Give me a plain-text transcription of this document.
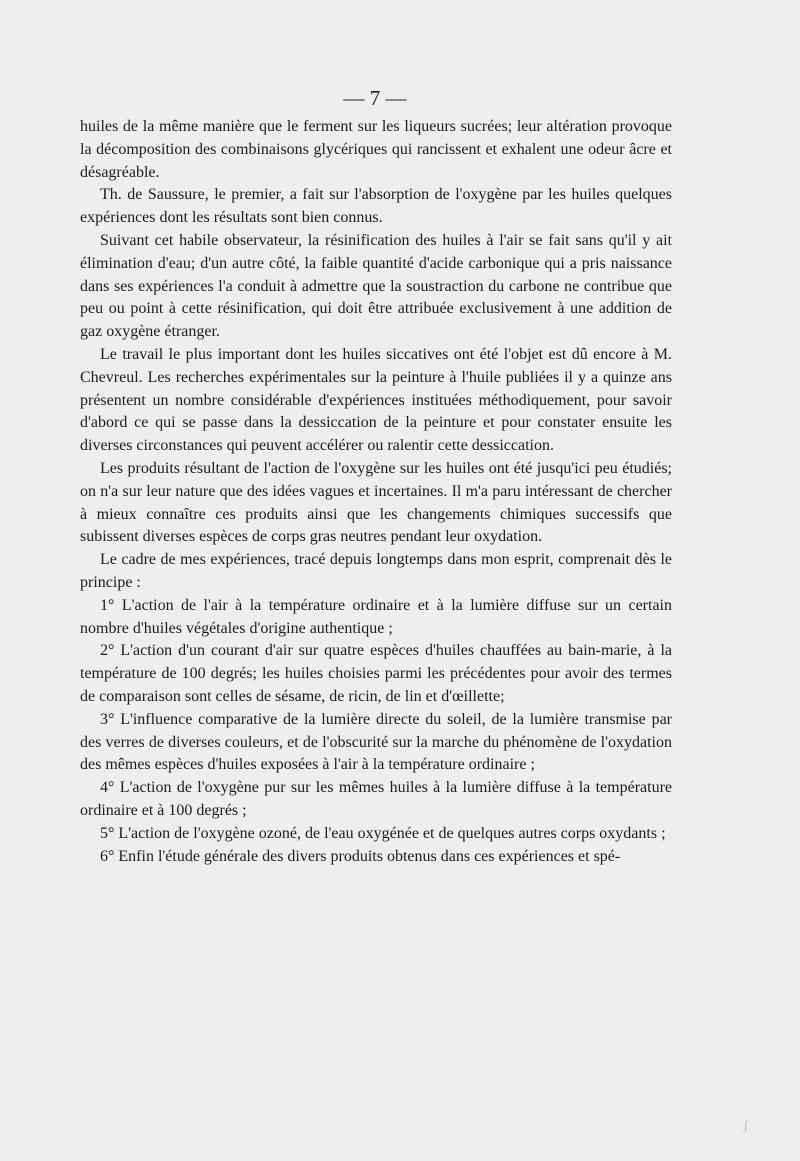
— 7 —

huiles de la même manière que le ferment sur les liqueurs sucrées; leur altération provoque la décomposition des combinaisons glycériques qui rancissent et exhalent une odeur âcre et désagréable.

Th. de Saussure, le premier, a fait sur l'absorption de l'oxygène par les huiles quelques expériences dont les résultats sont bien connus.

Suivant cet habile observateur, la résinification des huiles à l'air se fait sans qu'il y ait élimination d'eau; d'un autre côté, la faible quantité d'acide carbonique qui a pris naissance dans ses expériences l'a conduit à admettre que la soustraction du carbone ne contribue que peu ou point à cette résinification, qui doit être attribuée exclusivement à une addition de gaz oxygène étranger.

Le travail le plus important dont les huiles siccatives ont été l'objet est dû encore à M. Chevreul. Les recherches expérimentales sur la peinture à l'huile publiées il y a quinze ans présentent un nombre considérable d'expériences instituées méthodiquement, pour savoir d'abord ce qui se passe dans la dessiccation de la peinture et pour constater ensuite les diverses circonstances qui peuvent accélérer ou ralentir cette dessiccation.

Les produits résultant de l'action de l'oxygène sur les huiles ont été jusqu'ici peu étudiés; on n'a sur leur nature que des idées vagues et incertaines. Il m'a paru intéressant de chercher à mieux connaître ces produits ainsi que les changements chimiques successifs que subissent diverses espèces de corps gras neutres pendant leur oxydation.

Le cadre de mes expériences, tracé depuis longtemps dans mon esprit, comprenait dès le principe :

1° L'action de l'air à la température ordinaire et à la lumière diffuse sur un certain nombre d'huiles végétales d'origine authentique ;

2° L'action d'un courant d'air sur quatre espèces d'huiles chauffées au bain-marie, à la température de 100 degrés; les huiles choisies parmi les précédentes pour avoir des termes de comparaison sont celles de sésame, de ricin, de lin et d'œillette;

3° L'influence comparative de la lumière directe du soleil, de la lumière transmise par des verres de diverses couleurs, et de l'obscurité sur la marche du phénomène de l'oxydation des mêmes espèces d'huiles exposées à l'air à la température ordinaire ;

4° L'action de l'oxygène pur sur les mêmes huiles à la lumière diffuse à la température ordinaire et à 100 degrés ;

5° L'action de l'oxygène ozoné, de l'eau oxygénée et de quelques autres corps oxydants ;

6° Enfin l'étude générale des divers produits obtenus dans ces expériences et spé-

ʃ
